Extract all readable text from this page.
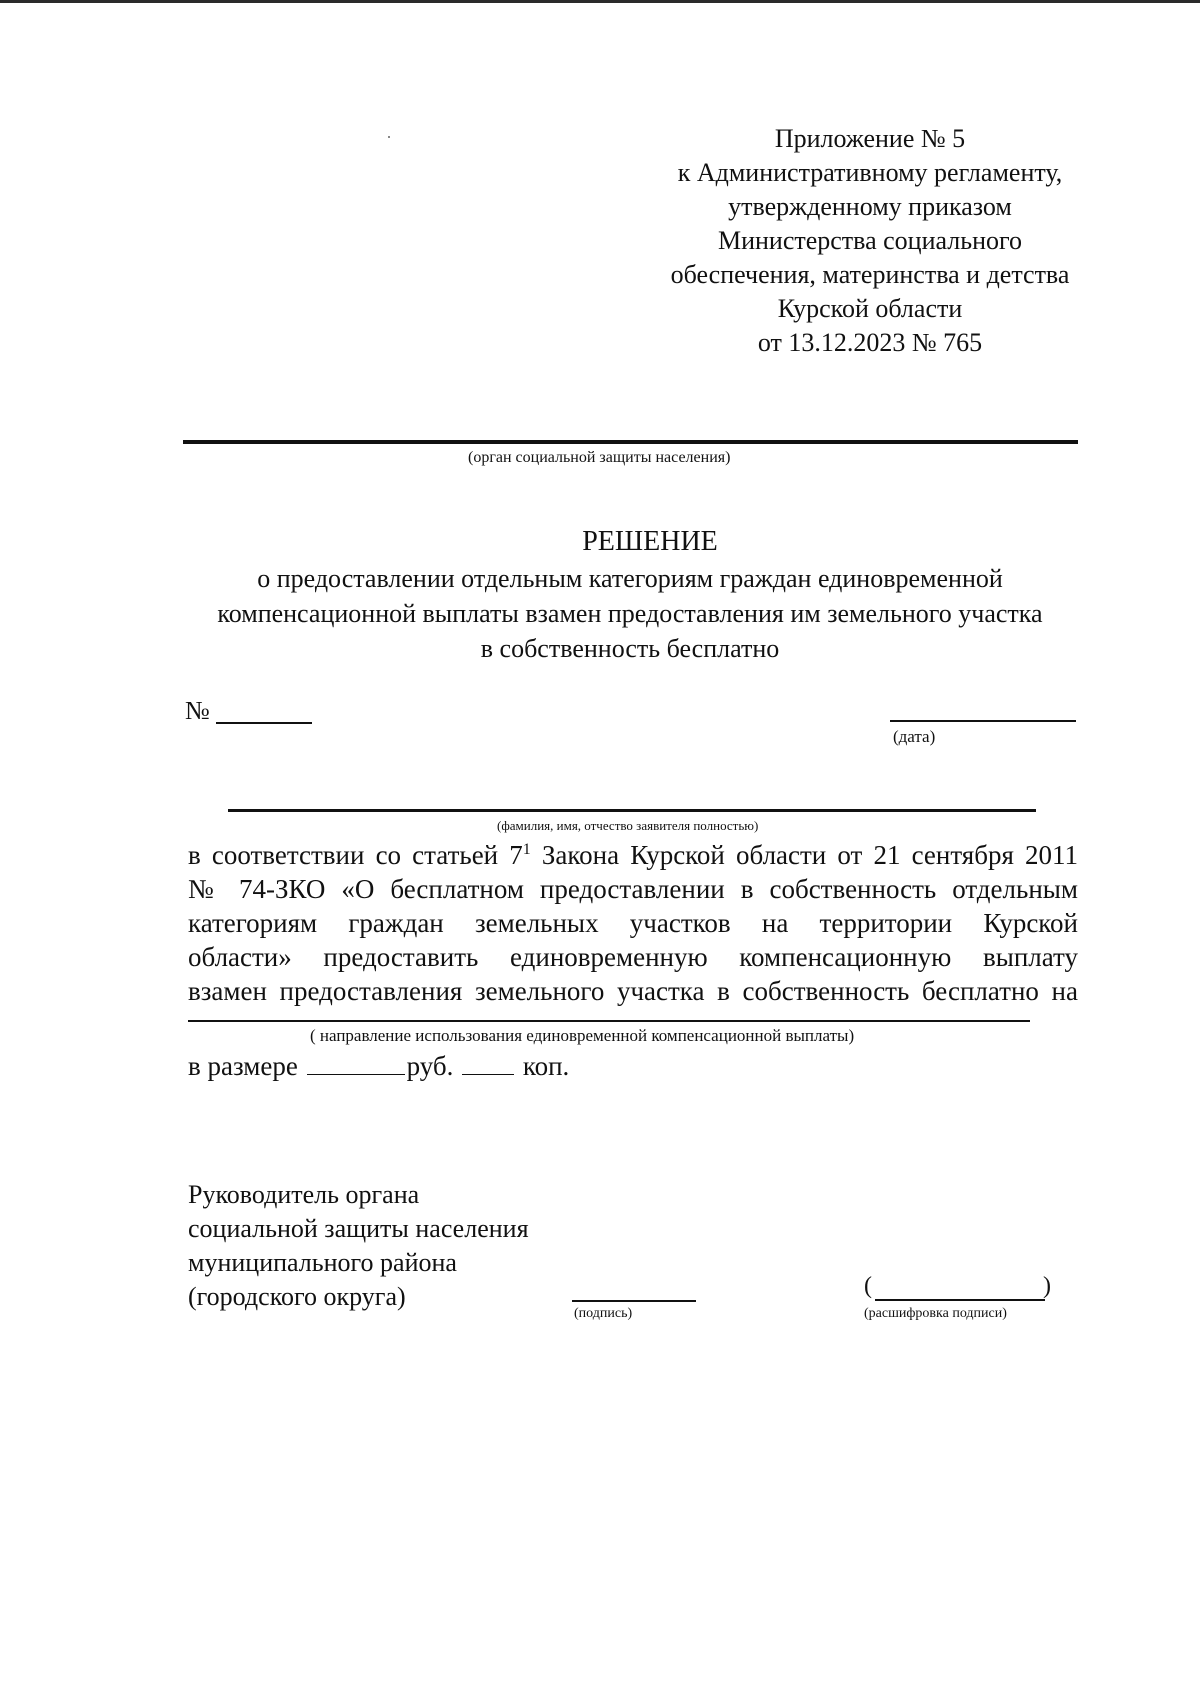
Приложение № 5
к Административному регламенту,
утвержденному приказом
Министерства социального
обеспечения, материнства и детства
Курской области
от 13.12.2023 № 765
(орган социальной защиты населения)
РЕШЕНИЕ
о предоставлении отдельным категориям граждан единовременной
компенсационной выплаты взамен предоставления им земельного участка
в собственность бесплатно
№
(дата)
(фамилия, имя, отчество заявителя полностью)
в соответствии со статьей $7^1$ Закона Курской области от 21 сентября 2011
№ 74-ЗКО «О бесплатном предоставлении в собственность отдельным
категориям граждан земельных участков на территории Курской
области» предоставить единовременную компенсационную выплату
взамен предоставления земельного участка в собственность бесплатно на
( направление использования единовременной компенсационной выплаты)
в размере	руб.	коп.
Руководитель органа
социальной защиты населения
муниципального района
(городского округа)
(подпись)
(	)
(расшифровка подписи)
